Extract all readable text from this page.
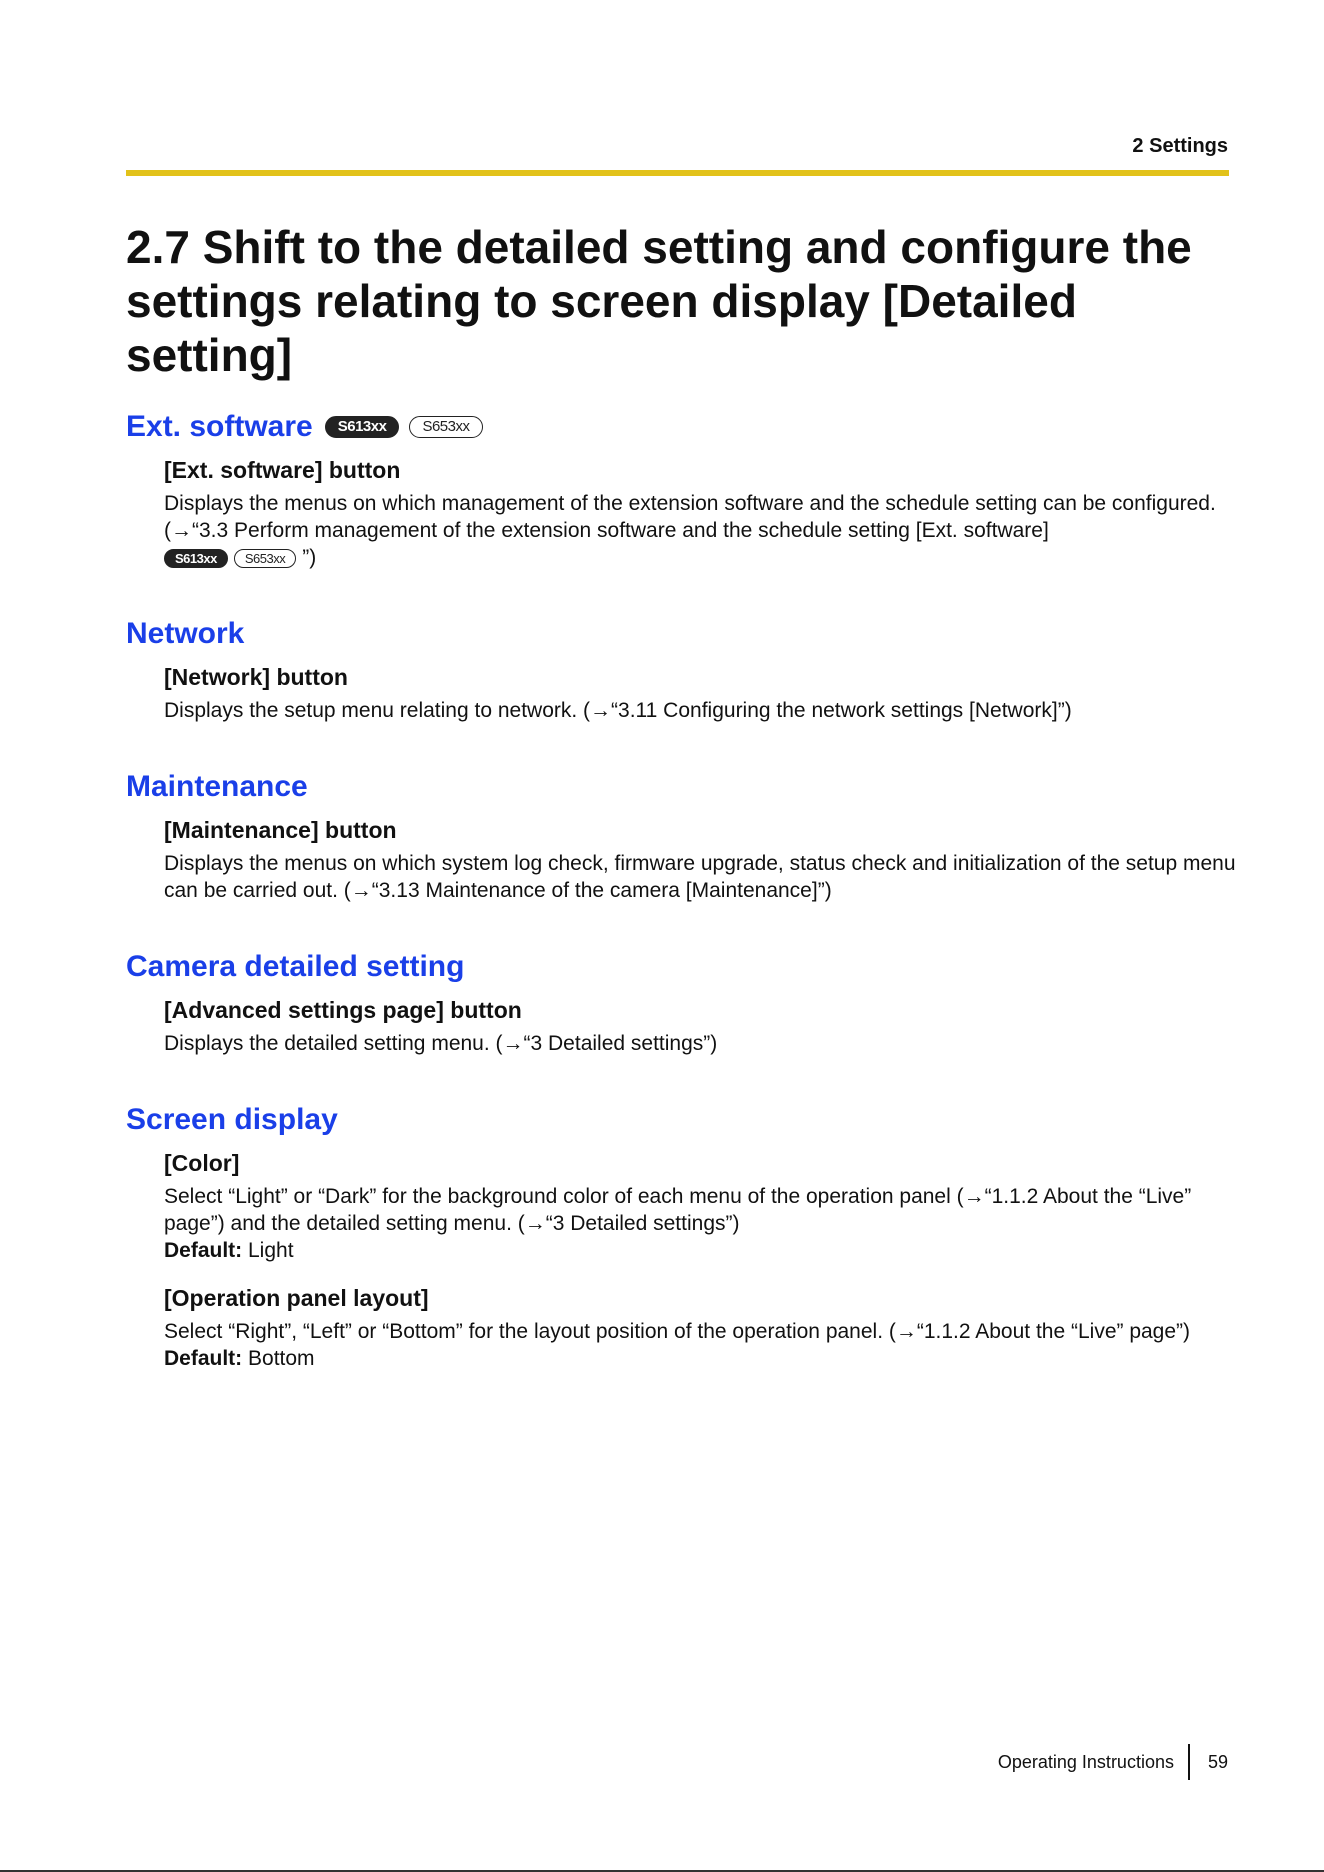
2 Settings
2.7 Shift to the detailed setting and configure the settings relating to screen display [Detailed setting]
Ext. software	S613xx	S653xx
[Ext. software] button

Displays the menus on which management of the extension software and the schedule setting can be configured. (→“3.3 Perform management of the extension software and the schedule setting [Ext. software]
S613xx S653xx ”)

Network
[Network] button

Displays the setup menu relating to network. (→“3.11 Configuring the network settings [Network]”)

Maintenance
[Maintenance] button

Displays the menus on which system log check, firmware upgrade, status check and initialization of the setup menu can be carried out. (→“3.13 Maintenance of the camera [Maintenance]”)

Camera detailed setting
[Advanced settings page] button

Displays the detailed setting menu. (→“3 Detailed settings”)

Screen display
[Color]

Select “Light” or “Dark” for the background color of each menu of the operation panel (→“1.1.2 About the “Live” page”) and the detailed setting menu. (→“3 Detailed settings”)
Default: Light

[Operation panel layout]

Select “Right”, “Left” or “Bottom” for the layout position of the operation panel. (→“1.1.2 About the “Live” page”)
Default: Bottom

Operating Instructions 59
